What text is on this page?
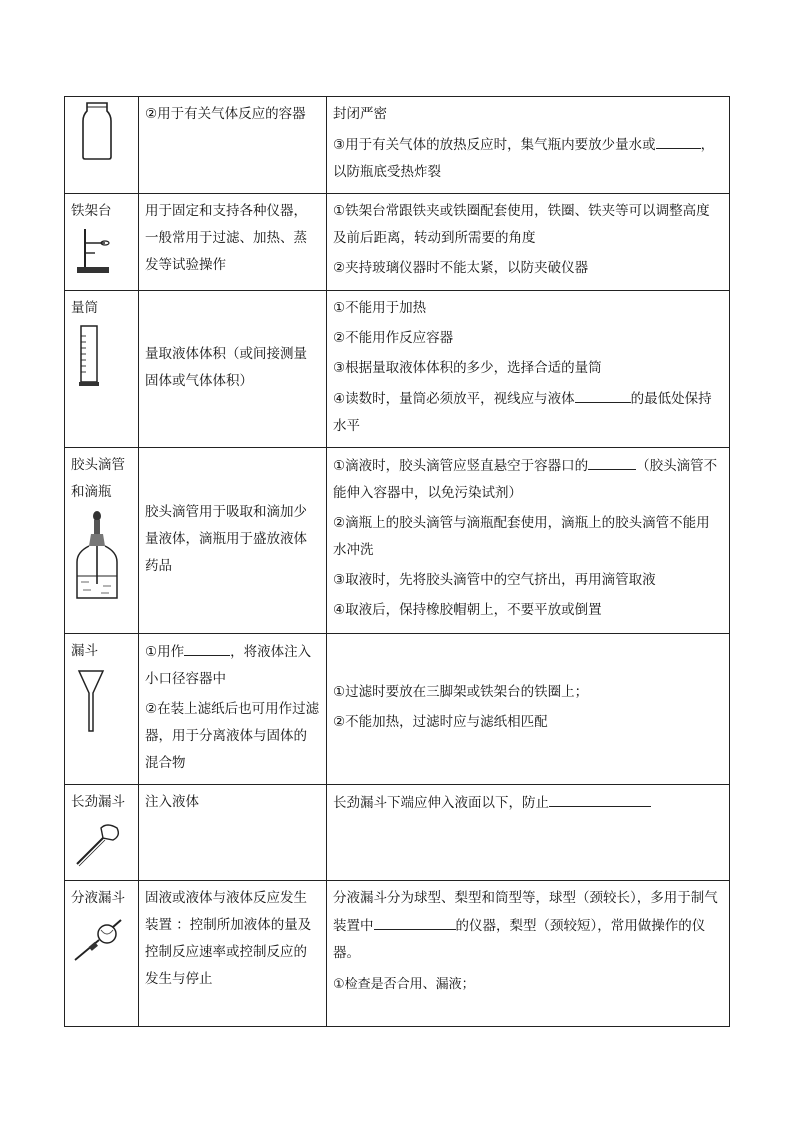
②用于有关气体反应的容器	封闭严密
③用于有关气体的放热反应时，集气瓶内要放少量水或 ，以防瓶底受热炸裂

铁架台	用于固定和支持各种仪器，一般常用于过滤、加热、蒸发等试验操作	①铁架台常跟铁夹或铁圈配套使用，铁圈、铁夹等可以调整高度及前后距离，转动到所需要的角度
②夹持玻璃仪器时不能太紧，以防夹破仪器

量筒	量取液体体积（或间接测量固体或气体体积）	①不能用于加热
②不能用作反应容器
③根据量取液体体积的多少，选择合适的量筒
④读数时，量筒必须放平，视线应与液体 的最低处保持水平

胶头滴管和滴瓶	胶头滴管用于吸取和滴加少量液体，滴瓶用于盛放液体药品	①滴液时，胶头滴管应竖直悬空于容器口的 （胶头滴管不能伸入容器中，以免污染试剂）
②滴瓶上的胶头滴管与滴瓶配套使用，滴瓶上的胶头滴管不能用水冲洗
③取液时，先将胶头滴管中的空气挤出，再用滴管取液
④取液后，保持橡胶帽朝上，不要平放或倒置

漏斗	①用作 ，将液体注入小口径容器中
②在装上滤纸后也可用作过滤器，用于分离液体与固体的混合物	①过滤时要放在三脚架或铁架台的铁圈上；
②不能加热，过滤时应与滤纸相匹配

长劲漏斗	注入液体	长劲漏斗下端应伸入液面以下，防止

分液漏斗	固液或液体与液体反应发生装置 ：控制所加液体的量及控制反应速率或控制反应的发生与停止	分液漏斗分为球型、梨型和筒型等，球型（颈较长），多用于制气装置中 的仪器，梨型（颈较短），常用做操作的仪器。
①检查是否合用、漏液；
